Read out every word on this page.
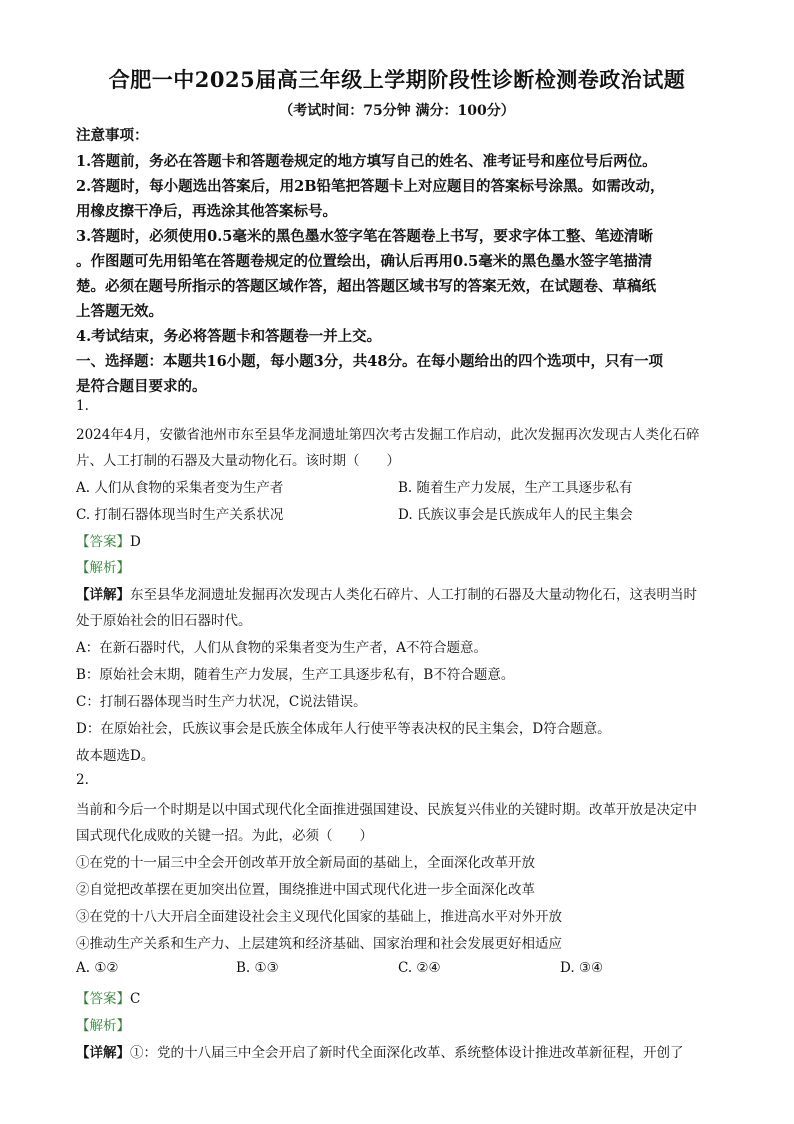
合肥一中2025届高三年级上学期阶段性诊断检测卷政治试题
（考试时间：75分钟 满分：100分）
注意事项：
1.答题前，务必在答题卡和答题卷规定的地方填写自己的姓名、准考证号和座位号后两位。
2.答题时，每小题选出答案后，用2B铅笔把答题卡上对应题目的答案标号涂黑。如需改动，
用橡皮擦干净后，再选涂其他答案标号。
3.答题时，必须使用0.5毫米的黑色墨水签字笔在答题卷上书写，要求字体工整、笔迹清晰
。作图题可先用铅笔在答题卷规定的位置绘出，确认后再用0.5毫米的黑色墨水签字笔描清
楚。必须在题号所指示的答题区域作答，超出答题区域书写的答案无效，在试题卷、草稿纸
上答题无效。
4.考试结束，务必将答题卡和答题卷一并上交。
一、选择题：本题共16小题，每小题3分，共48分。在每小题给出的四个选项中，只有一项
是符合题目要求的。
1.
2024年4月，安徽省池州市东至县华龙洞遗址第四次考古发掘工作启动，此次发掘再次发现古人类化石碎
片、人工打制的石器及大量动物化石。该时期（　　）
A. 人们从食物的采集者变为生产者	B. 随着生产力发展，生产工具逐步私有
C. 打制石器体现当时生产关系状况	D. 氏族议事会是氏族成年人的民主集会
【答案】D
【解析】
【详解】东至县华龙洞遗址发掘再次发现古人类化石碎片、人工打制的石器及大量动物化石，这表明当时
处于原始社会的旧石器时代。
A：在新石器时代，人们从食物的采集者变为生产者，A不符合题意。
B：原始社会末期，随着生产力发展，生产工具逐步私有，B不符合题意。
C：打制石器体现当时生产力状况，C说法错误。
D：在原始社会，氏族议事会是氏族全体成年人行使平等表决权的民主集会，D符合题意。
故本题选D。
2.
当前和今后一个时期是以中国式现代化全面推进强国建设、民族复兴伟业的关键时期。改革开放是决定中
国式现代化成败的关键一招。为此，必须（　　）
①在党的十一届三中全会开创改革开放全新局面的基础上，全面深化改革开放
②自觉把改革摆在更加突出位置，围绕推进中国式现代化进一步全面深化改革
③在党的十八大开启全面建设社会主义现代化国家的基础上，推进高水平对外开放
④推动生产关系和生产力、上层建筑和经济基础、国家治理和社会发展更好相适应
A. ①②	B. ①③	C. ②④	D. ③④
【答案】C
【解析】
【详解】①：党的十八届三中全会开启了新时代全面深化改革、系统整体设计推进改革新征程，开创了
